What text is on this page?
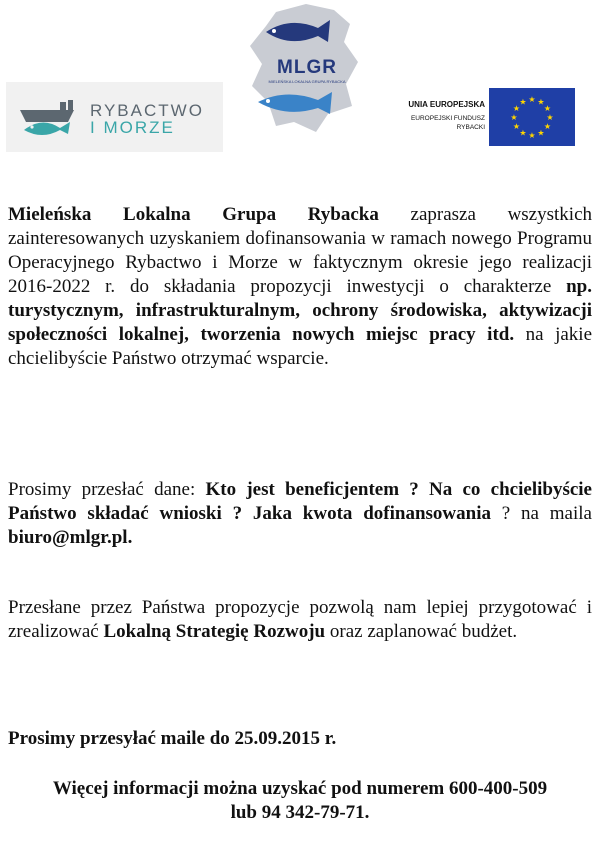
RYBACTWO
I MORZE
MLGR
MIELEŃSKA LOKALNA GRUPA RYBACKA
UNIA EUROPEJSKA
EUROPEJSKI FUNDUSZ
RYBACKI
★ ★
★
★
★
★
★
★
★
★
★
★

Mieleńska Lokalna Grupa Rybacka zaprasza wszystkich zainteresowanych uzyskaniem dofinansowania w ramach nowego Programu Operacyjnego Rybactwo i Morze w faktycznym okresie jego realizacji 2016-2022 r. do składania propozycji inwestycji o charakterze np. turystycznym, infrastrukturalnym, ochrony środowiska, aktywizacji społeczności lokalnej, tworzenia nowych miejsc pracy itd. na jakie chcielibyście Państwo otrzymać wsparcie.

Prosimy przesłać dane: Kto jest beneficjentem ? Na co chcielibyście Państwo składać wnioski ? Jaka kwota dofinansowania ? na maila biuro@mlgr.pl.

Przesłane przez Państwa propozycje pozwolą nam lepiej przygotować i zrealizować Lokalną Strategię Rozwoju oraz zaplanować budżet.

Prosimy przesyłać maile do 25.09.2015 r.

Więcej informacji można uzyskać pod numerem 600-400-509
lub 94 342-79-71.
